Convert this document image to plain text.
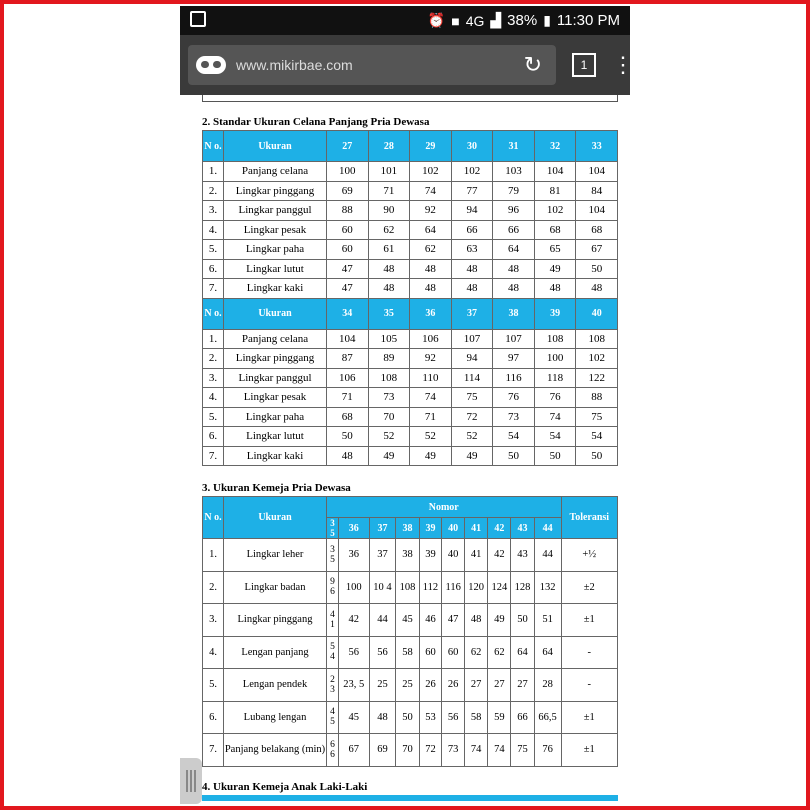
⏰ ■ 4G ▟ 38% ▮ 11:30 PM
www.mikirbae.com	↻	1	⋮
2. Standar Ukuran Celana Panjang Pria Dewasa
N o.	Ukuran	27	28	29	30	31	32	33
1.	Panjang celana	100	101	102	102	103	104	104
2.	Lingkar pinggang	69	71	74	77	79	81	84
3.	Lingkar panggul	88	90	92	94	96	102	104
4.	Lingkar pesak	60	62	64	66	66	68	68
5.	Lingkar paha	60	61	62	63	64	65	67
6.	Lingkar lutut	47	48	48	48	48	49	50
7.	Lingkar kaki	47	48	48	48	48	48	48
N o.	Ukuran	34	35	36	37	38	39	40
1.	Panjang celana	104	105	106	107	107	108	108
2.	Lingkar pinggang	87	89	92	94	97	100	102
3.	Lingkar panggul	106	108	110	114	116	118	122
4.	Lingkar pesak	71	73	74	75	76	76	88
5.	Lingkar paha	68	70	71	72	73	74	75
6.	Lingkar lutut	50	52	52	52	54	54	54
7.	Lingkar kaki	48	49	49	49	50	50	50
3. Ukuran Kemeja Pria Dewasa
N o.	Ukuran	Nomor										Toleransi
		3 5	36	37	38	39	40	41	42	43	44	
1.	Lingkar leher	3 5	36	37	38	39	40	41	42	43	44	+½
2.	Lingkar badan	9 6	100	10 4	108	112	116	120	124	128	132	±2
3.	Lingkar pinggang	4 1	42	44	45	46	47	48	49	50	51	±1
4.	Lengan panjang	5 4	56	56	58	60	60	62	62	64	64	-
5.	Lengan pendek	2 3	23, 5	25	25	26	26	27	27	27	28	-
6.	Lubang lengan	4 5	45	48	50	53	56	58	59	66	66,5	±1
7.	Panjang belakang (min)	6 6	67	69	70	72	73	74	74	75	76	±1
4. Ukuran Kemeja Anak Laki-Laki
